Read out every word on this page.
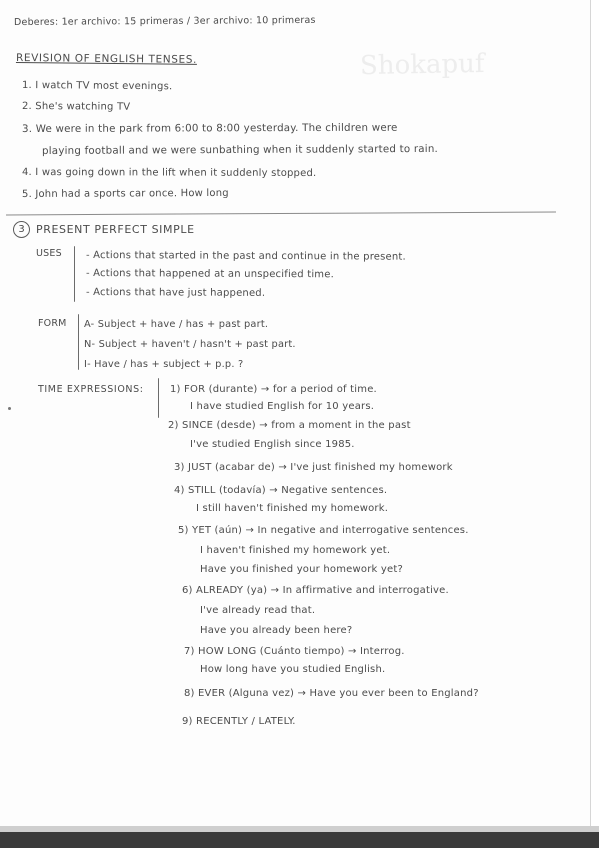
Shokapuf
Deberes: 1er archivo: 15 primeras / 3er archivo: 10 primeras
REVISION OF ENGLISH TENSES.
1. I watch TV most evenings.
2. She's watching TV
3. We were in the park from 6:00 to 8:00 yesterday. The children were
playing football and we were sunbathing when it suddenly started to rain.
4. I was going down in the lift when it suddenly stopped.
5. John had a sports car once. How long
3	PRESENT PERFECT SIMPLE
USES - Actions that started in the past and continue in the present.
- Actions that happened at an unspecified time.
- Actions that have just happened.
FORM A- Subject + have / has + past part.
N- Subject + haven't / hasn't + past part.
I- Have / has + subject + p.p. ?
TIME EXPRESSIONS:	1) FOR (durante) → for a period of time.
I have studied English for 10 years.
2) SINCE (desde) → from a moment in the past
I've studied English since 1985.
3) JUST (acabar de) → I've just finished my homework
4) STILL (todavía) → Negative sentences.
I still haven't finished my homework.
5) YET (aún) → In negative and interrogative sentences.
I haven't finished my homework yet.
Have you finished your homework yet?
6) ALREADY (ya) → In affirmative and interrogative.
I've already read that.
Have you already been here?
7) HOW LONG (Cuánto tiempo) → Interrog.
How long have you studied English.
8) EVER (Alguna vez) → Have you ever been to England?
9) RECENTLY / LATELY.
